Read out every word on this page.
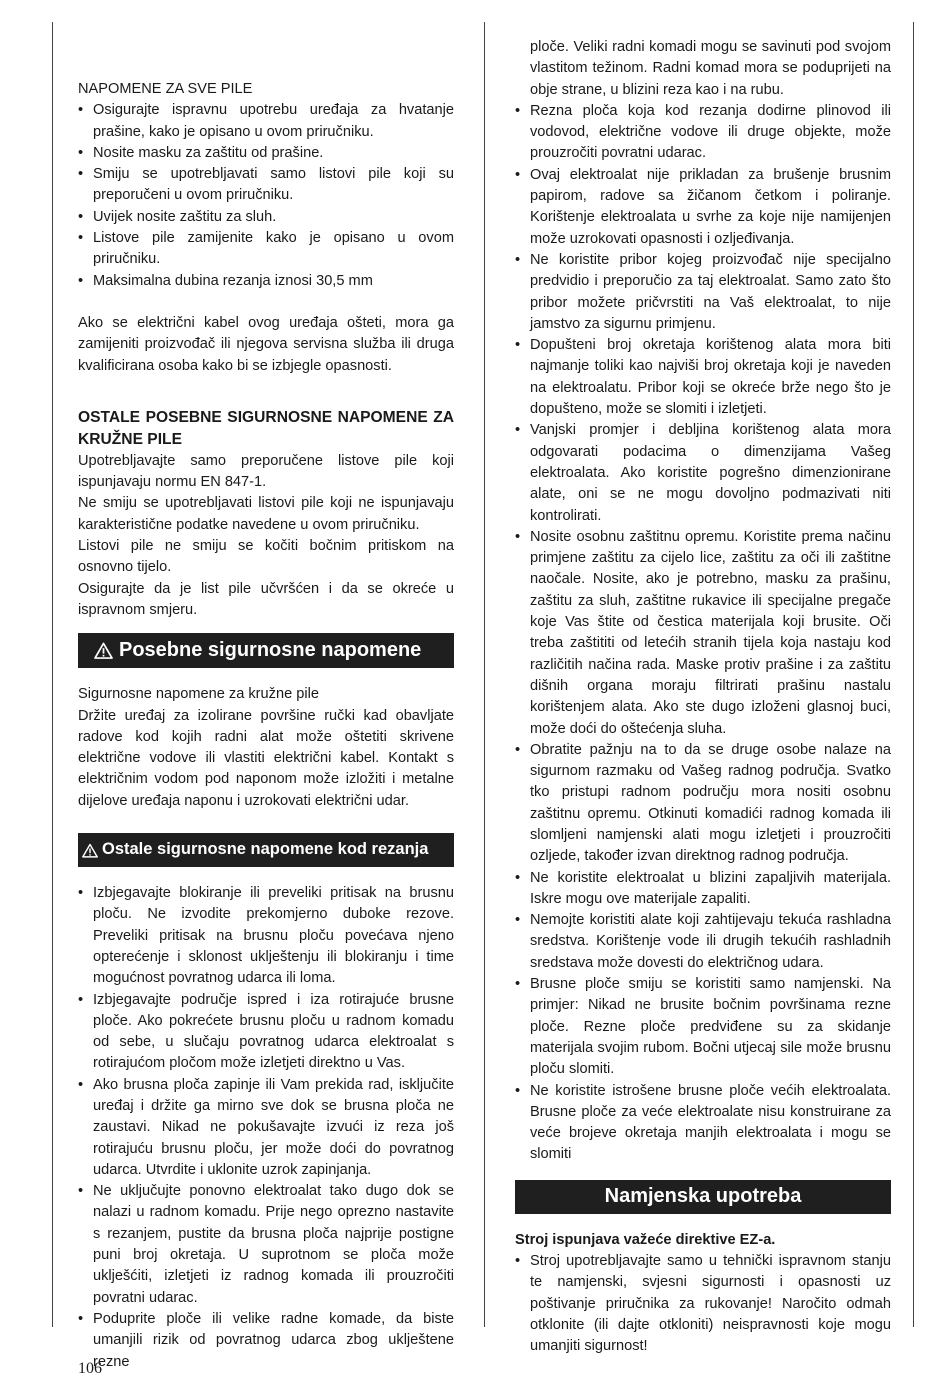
NAPOMENE ZA SVE PILE

• Osigurajte ispravnu upotrebu uređaja za hvatanje prašine, kako je opisano u ovom priručniku.
• Nosite masku za zaštitu od prašine.
• Smiju se upotrebljavati samo listovi pile koji su preporučeni u ovom priručniku.
• Uvijek nosite zaštitu za sluh.
• Listove pile zamijenite kako je opisano u ovom priručniku.
• Maksimalna dubina rezanja iznosi 30,5 mm

Ako se električni kabel ovog uređaja ošteti, mora ga zamijeniti proizvođač ili njegova servisna služba ili druga kvalificirana osoba kako bi se izbjegle opasnosti.

OSTALE POSEBNE SIGURNOSNE NAPOMENE ZA KRUŽNE PILE

Upotrebljavajte samo preporučene listove pile koji ispunjavaju normu EN 847-1.

Ne smiju se upotrebljavati listovi pile koji ne ispunjavaju karakteristične podatke navedene u ovom priručniku.

Listovi pile ne smiju se kočiti bočnim pritiskom na osnovno tijelo.

Osigurajte da je list pile učvršćen i da se okreće u ispravnom smjeru.

Posebne sigurnosne napomene

Sigurnosne napomene za kružne pile

Držite uređaj za izolirane površine ručki kad obavljate radove kod kojih radni alat može oštetiti skrivene električne vodove ili vlastiti električni kabel. Kontakt s električnim vodom pod naponom može izložiti i metalne dijelove uređaja naponu i uzrokovati električni udar.

Ostale sigurnosne napomene kod rezanja
• Izbjegavajte blokiranje ili preveliki pritisak na brusnu ploču. Ne izvodite prekomjerno duboke rezove. Preveliki pritisak na brusnu ploču povećava njeno opterećenje i sklonost uklještenju ili blokiranju i time mogućnost povratnog udarca ili loma.
• Izbjegavajte područje ispred i iza rotirajuće brusne ploče. Ako pokrećete brusnu ploču u radnom komadu od sebe, u slučaju povratnog udarca elektroalat s rotirajućom pločom može izletjeti direktno u Vas.
• Ako brusna ploča zapinje ili Vam prekida rad, isključite uređaj i držite ga mirno sve dok se brusna ploča ne zaustavi. Nikad ne pokušavajte izvući iz reza još rotirajuću brusnu ploču, jer može doći do povratnog udarca. Utvrdite i uklonite uzrok zapinjanja.
• Ne uključujte ponovno elektroalat tako dugo dok se nalazi u radnom komadu. Prije nego oprezno nastavite s rezanjem, pustite da brusna ploča najprije postigne puni broj okretaja. U suprotnom se ploča može uklješćiti, izletjeti iz radnog komada ili prouzročiti povratni udarac.
• Poduprite ploče ili velike radne komade, da biste umanjili rizik od povratnog udarca zbog uklještene rezne

ploče. Veliki radni komadi mogu se savinuti pod svojom vlastitom težinom. Radni komad mora se poduprijeti na obje strane, u blizini reza kao i na rubu.

• Rezna ploča koja kod rezanja dodirne plinovod ili vodovod, električne vodove ili druge objekte, može prouzročiti povratni udarac.
• Ovaj elektroalat nije prikladan za brušenje brusnim papirom, radove sa žičanom četkom i poliranje. Korištenje elektroalata u svrhe za koje nije namijenjen može uzrokovati opasnosti i ozljeđivanja.
• Ne koristite pribor kojeg proizvođač nije specijalno predvidio i preporučio za taj elektroalat. Samo zato što pribor možete pričvrstiti na Vaš elektroalat, to nije jamstvo za sigurnu primjenu.
• Dopušteni broj okretaja korištenog alata mora biti najmanje toliki kao najviši broj okretaja koji je naveden na elektroalatu. Pribor koji se okreće brže nego što je dopušteno, može se slomiti i izletjeti.
• Vanjski promjer i debljina korištenog alata mora odgovarati podacima o dimenzijama Vašeg elektroalata. Ako koristite pogrešno dimenzionirane alate, oni se ne mogu dovoljno podmazivati niti kontrolirati.
• Nosite osobnu zaštitnu opremu. Koristite prema načinu primjene zaštitu za cijelo lice, zaštitu za oči ili zaštitne naočale. Nosite, ako je potrebno, masku za prašinu, zaštitu za sluh, zaštitne rukavice ili specijalne pregače koje Vas štite od čestica materijala koji brusite. Oči treba zaštititi od letećih stranih tijela koja nastaju kod različitih načina rada. Maske protiv prašine i za zaštitu dišnih organa moraju filtrirati prašinu nastalu korištenjem alata. Ako ste dugo izloženi glasnoj buci, može doći do oštećenja sluha.
• Obratite pažnju na to da se druge osobe nalaze na sigurnom razmaku od Vašeg radnog područja. Svatko tko pristupi radnom području mora nositi osobnu zaštitnu opremu. Otkinuti komadići radnog komada ili slomljeni namjenski alati mogu izletjeti i prouzročiti ozljede, također izvan direktnog radnog područja.
• Ne koristite elektroalat u blizini zapaljivih materijala. Iskre mogu ove materijale zapaliti.
• Nemojte koristiti alate koji zahtijevaju tekuća rashladna sredstva. Korištenje vode ili drugih tekućih rashladnih sredstava može dovesti do električnog udara.
• Brusne ploče smiju se koristiti samo namjenski. Na primjer: Nikad ne brusite bočnim površinama rezne ploče. Rezne ploče predviđene su za skidanje materijala svojim rubom. Bočni utjecaj sile može brusnu ploču slomiti.
• Ne koristite istrošene brusne ploče većih elektroalata. Brusne ploče za veće elektroalate nisu konstruirane za veće brojeve okretaja manjih elektroalata i mogu se slomiti
Namjenska upotreba

Stroj ispunjava važeće direktive EZ-a.

• Stroj upotrebljavajte samo u tehnički ispravnom stanju te namjenski, svjesni sigurnosti i opasnosti uz poštivanje priručnika za rukovanje! Naročito odmah otklonite (ili dajte otkloniti) neispravnosti koje mogu umanjiti sigurnost!
106
